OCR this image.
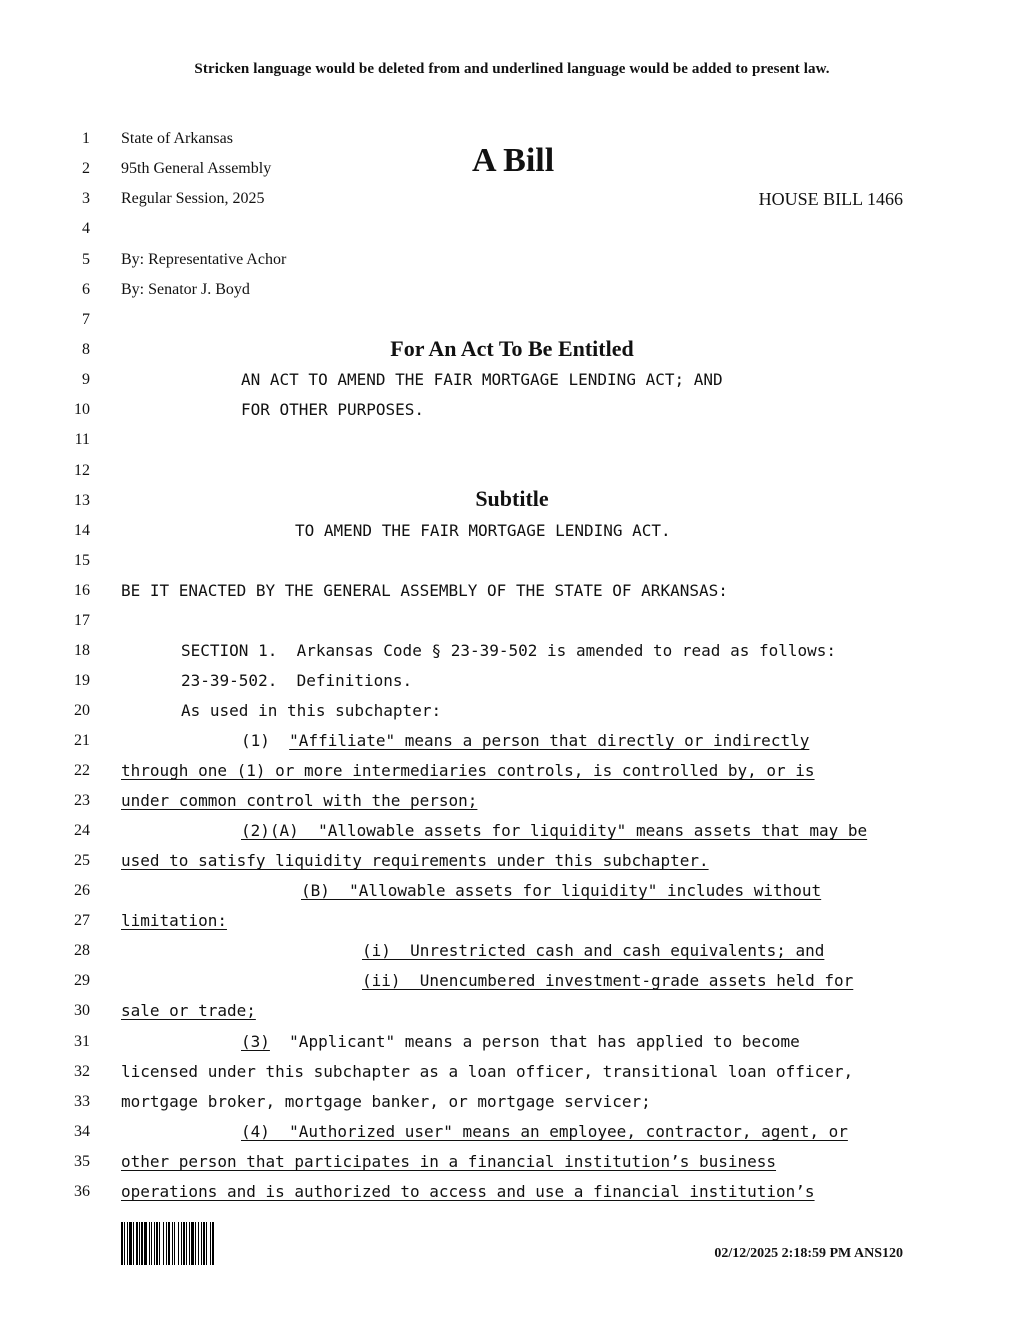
Stricken language would be deleted from and underlined language would be added to present law.
1
2
3
4
5
6
7
8
9
10
11
12
13
14
15
16
17
18
19
20
21
22
23
24
25
26
27
28
29
30
31
32
33
34
35
36
State of Arkansas
95th General Assembly	A Bill
Regular Session, 2025	HOUSE BILL 1466
By: Representative Achor
By: Senator J. Boyd
For An Act To Be Entitled
AN ACT TO AMEND THE FAIR MORTGAGE LENDING ACT; AND
FOR OTHER PURPOSES.
Subtitle
TO AMEND THE FAIR MORTGAGE LENDING ACT.
BE IT ENACTED BY THE GENERAL ASSEMBLY OF THE STATE OF ARKANSAS:
SECTION 1.  Arkansas Code § 23-39-502 is amended to read as follows:
23-39-502.  Definitions.
As used in this subchapter:
(1)  "Affiliate" means a person that directly or indirectly
through one (1) or more intermediaries controls, is controlled by, or is
under common control with the person;
(2)(A)  "Allowable assets for liquidity" means assets that may be
used to satisfy liquidity requirements under this subchapter.
(B)  "Allowable assets for liquidity" includes without
limitation:
(i)  Unrestricted cash and cash equivalents; and
(ii)  Unencumbered investment-grade assets held for
sale or trade;
(3)  "Applicant" means a person that has applied to become
licensed under this subchapter as a loan officer, transitional loan officer,
mortgage broker, mortgage banker, or mortgage servicer;
(4)  "Authorized user" means an employee, contractor, agent, or
other person that participates in a financial institution’s business
operations and is authorized to access and use a financial institution’s
02/12/2025 2:18:59 PM ANS120
